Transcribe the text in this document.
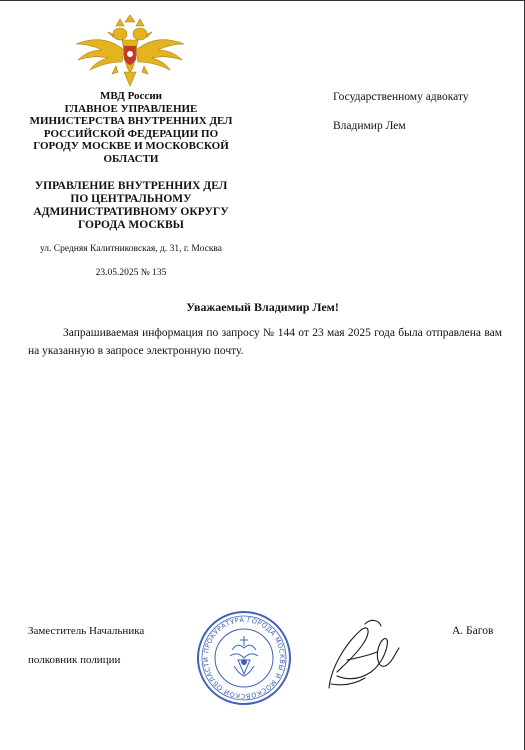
МВД России
ГЛАВНОЕ УПРАВЛЕНИЕ
МИНИСТЕРСТВА ВНУТРЕННИХ ДЕЛ
РОССИЙСКОЙ ФЕДЕРАЦИИ ПО
ГОРОДУ МОСКВЕ И МОСКОВСКОЙ
ОБЛАСТИ
УПРАВЛЕНИЕ ВНУТРЕННИХ ДЕЛ
ПО ЦЕНТРАЛЬНОМУ
АДМИНИСТРАТИВНОМУ ОКРУГУ
ГОРОДА МОСКВЫ
ул. Средняя Калитниковская, д. 31, г. Москва
23.05.2025 № 135
Государственному адвокату
Владимир Лем
Уважаемый Владимир Лем!

Запрашиваемая информация по запросу № 144 от 23 мая 2025 года была отправлена вам на указанную в запросе электронную почту.

Заместитель Начальника
полковник полиции
А. Багов
ПРОКУРАТУРА ГОРОДА МОСКВЫ И МОСКОВСКОЙ ОБЛАСТИ
